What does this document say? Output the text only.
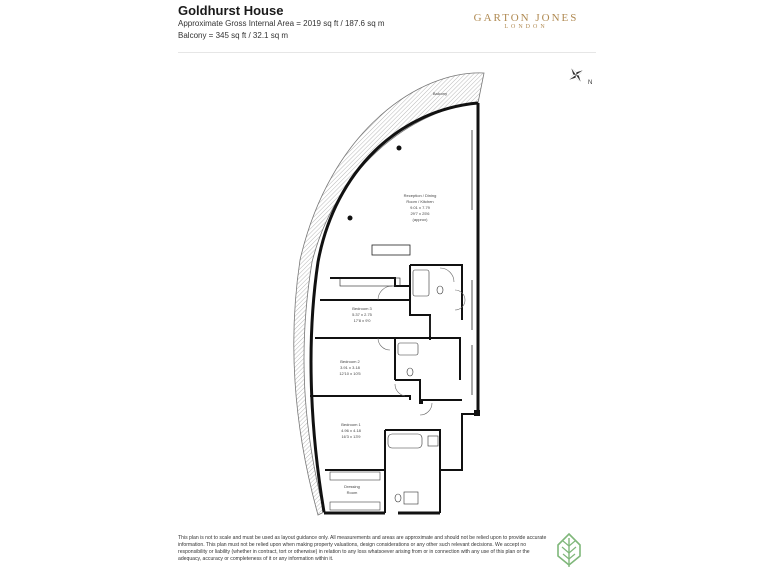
Goldhurst House
Approximate Gross Internal Area = 2019 sq ft / 187.6 sq m
Balcony = 345 sq ft / 32.1 sq m
GARTON JONES
LONDON
N
Balcony
Reception / Dining
Room / Kitchen
9.01 x 7.79
29'7 x 25'6
(approx)
Bedroom 3
5.37 x 2.75
17'8 x 9'0
Bedroom 2
3.91 x 3.18
12'10 x 10'5
Bedroom 1
4.96 x 4.18
16'3 x 13'9
Dressing
Room
This plan is not to scale and must be used as layout guidance only. All measurements and areas are approximate and should not be relied upon to provide accurate information. This plan must not be relied upon when making property valuations, design considerations or any other such relevant decisions. We accept no responsibility or liability (whether in contract, tort or otherwise) in relation to any loss whatsoever arising from or in connection with any use of this plan or the adequacy, accuracy or completeness of it or any information within it.
